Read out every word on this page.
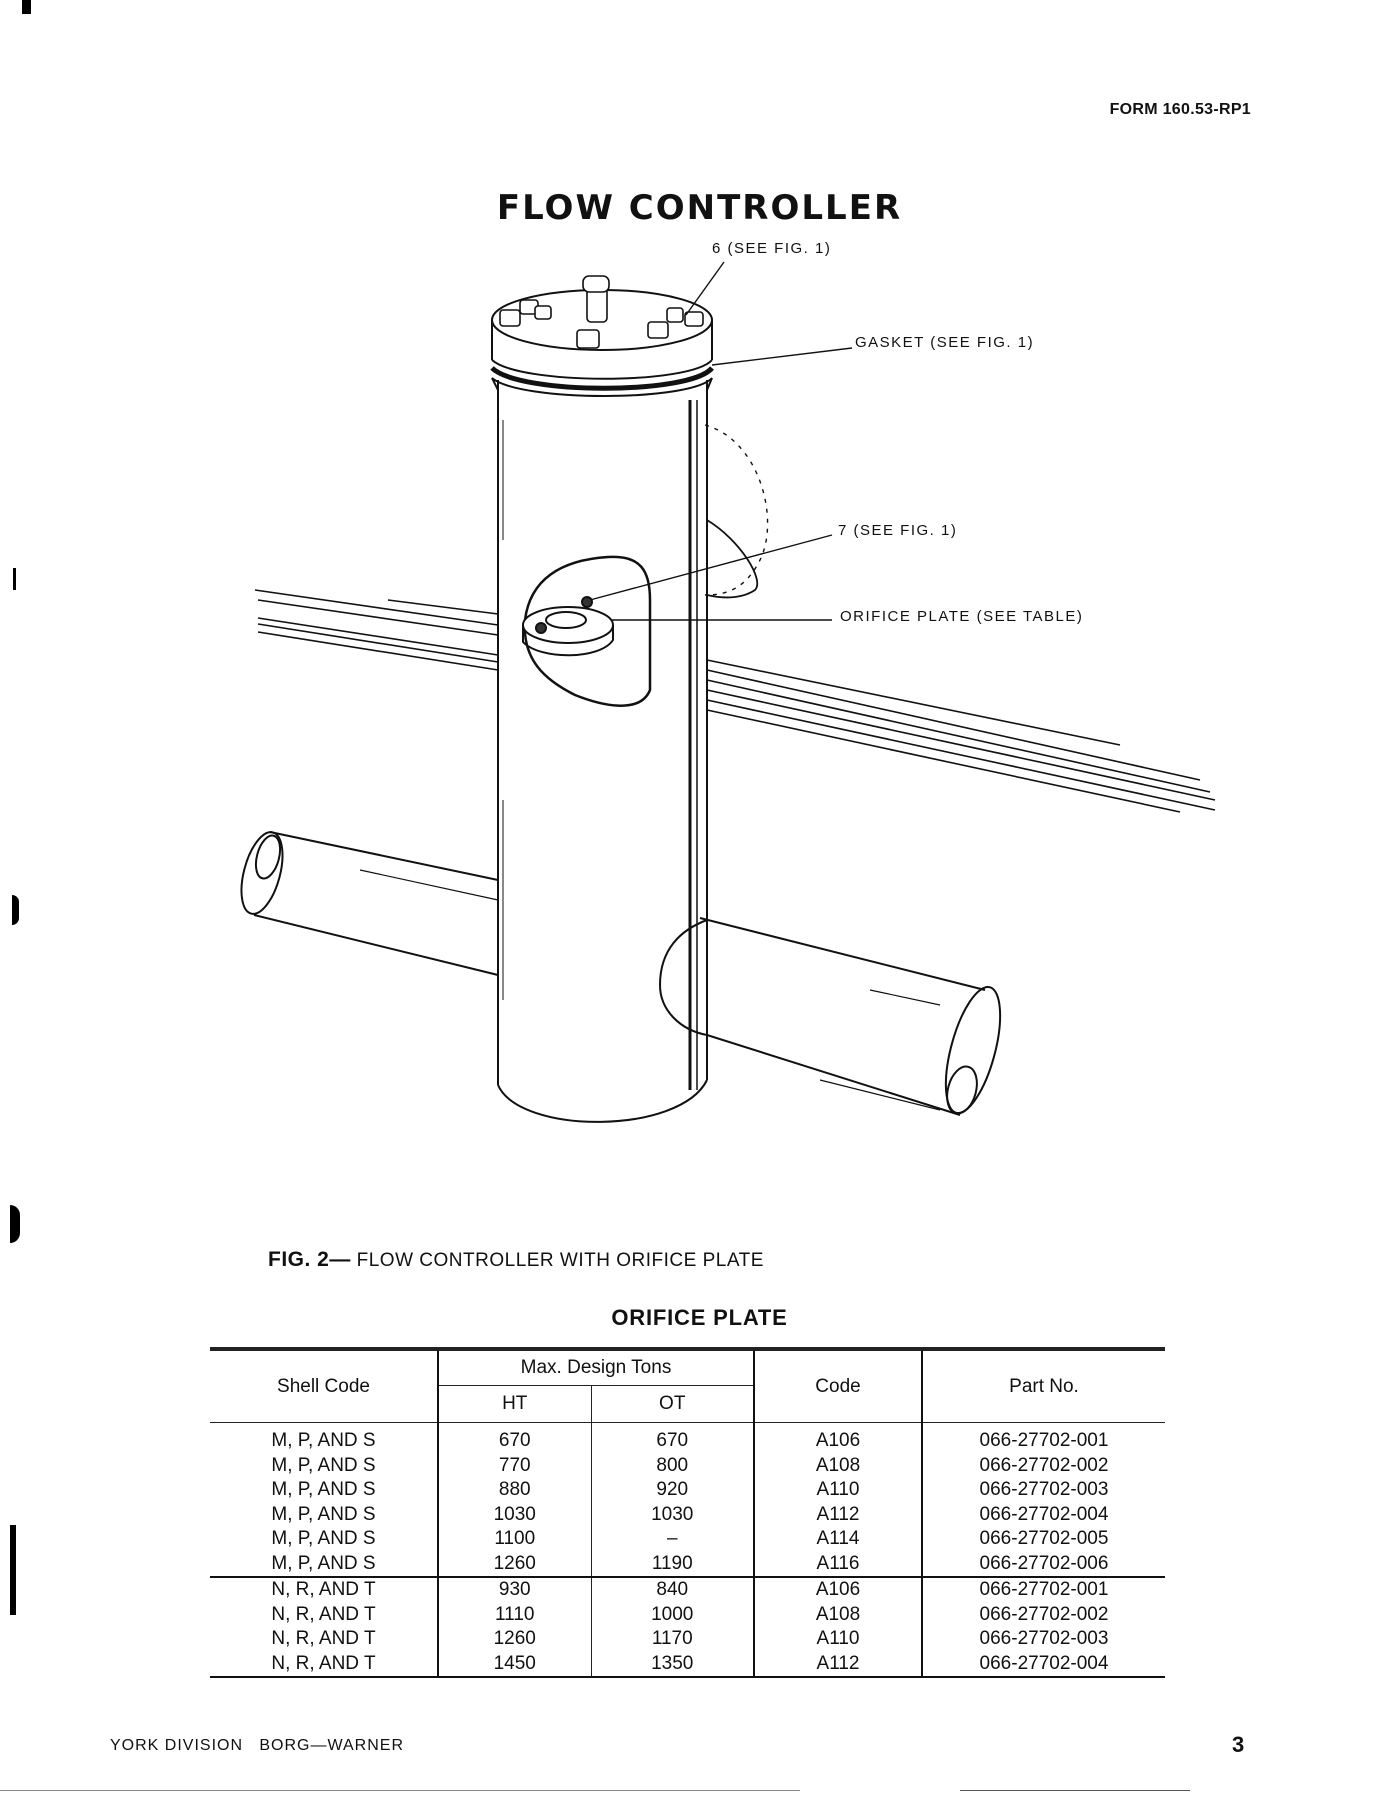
FORM 160.53-RP1
FLOW CONTROLLER
6 (SEE FIG. 1)
GASKET (SEE FIG. 1)
7 (SEE FIG. 1)
ORIFICE PLATE (SEE TABLE)
FIG. 2— FLOW CONTROLLER WITH ORIFICE PLATE
ORIFICE PLATE
Shell Code	Max. Design Tons		Code	Part No.
	HT	OT		

M, P, AND S	670	670	A106	066-27702-001
M, P, AND S	770	800	A108	066-27702-002
M, P, AND S	880	920	A110	066-27702-003
M, P, AND S	1030	1030	A112	066-27702-004
M, P, AND S	1100	–	A114	066-27702-005
M, P, AND S	1260	1190	A116	066-27702-006
N, R, AND T	930	840	A106	066-27702-001
N, R, AND T	1110	1000	A108	066-27702-002
N, R, AND T	1260	1170	A110	066-27702-003
N, R, AND T	1450	1350	A112	066-27702-004

YORK DIVISION   BORG—WARNER	3
